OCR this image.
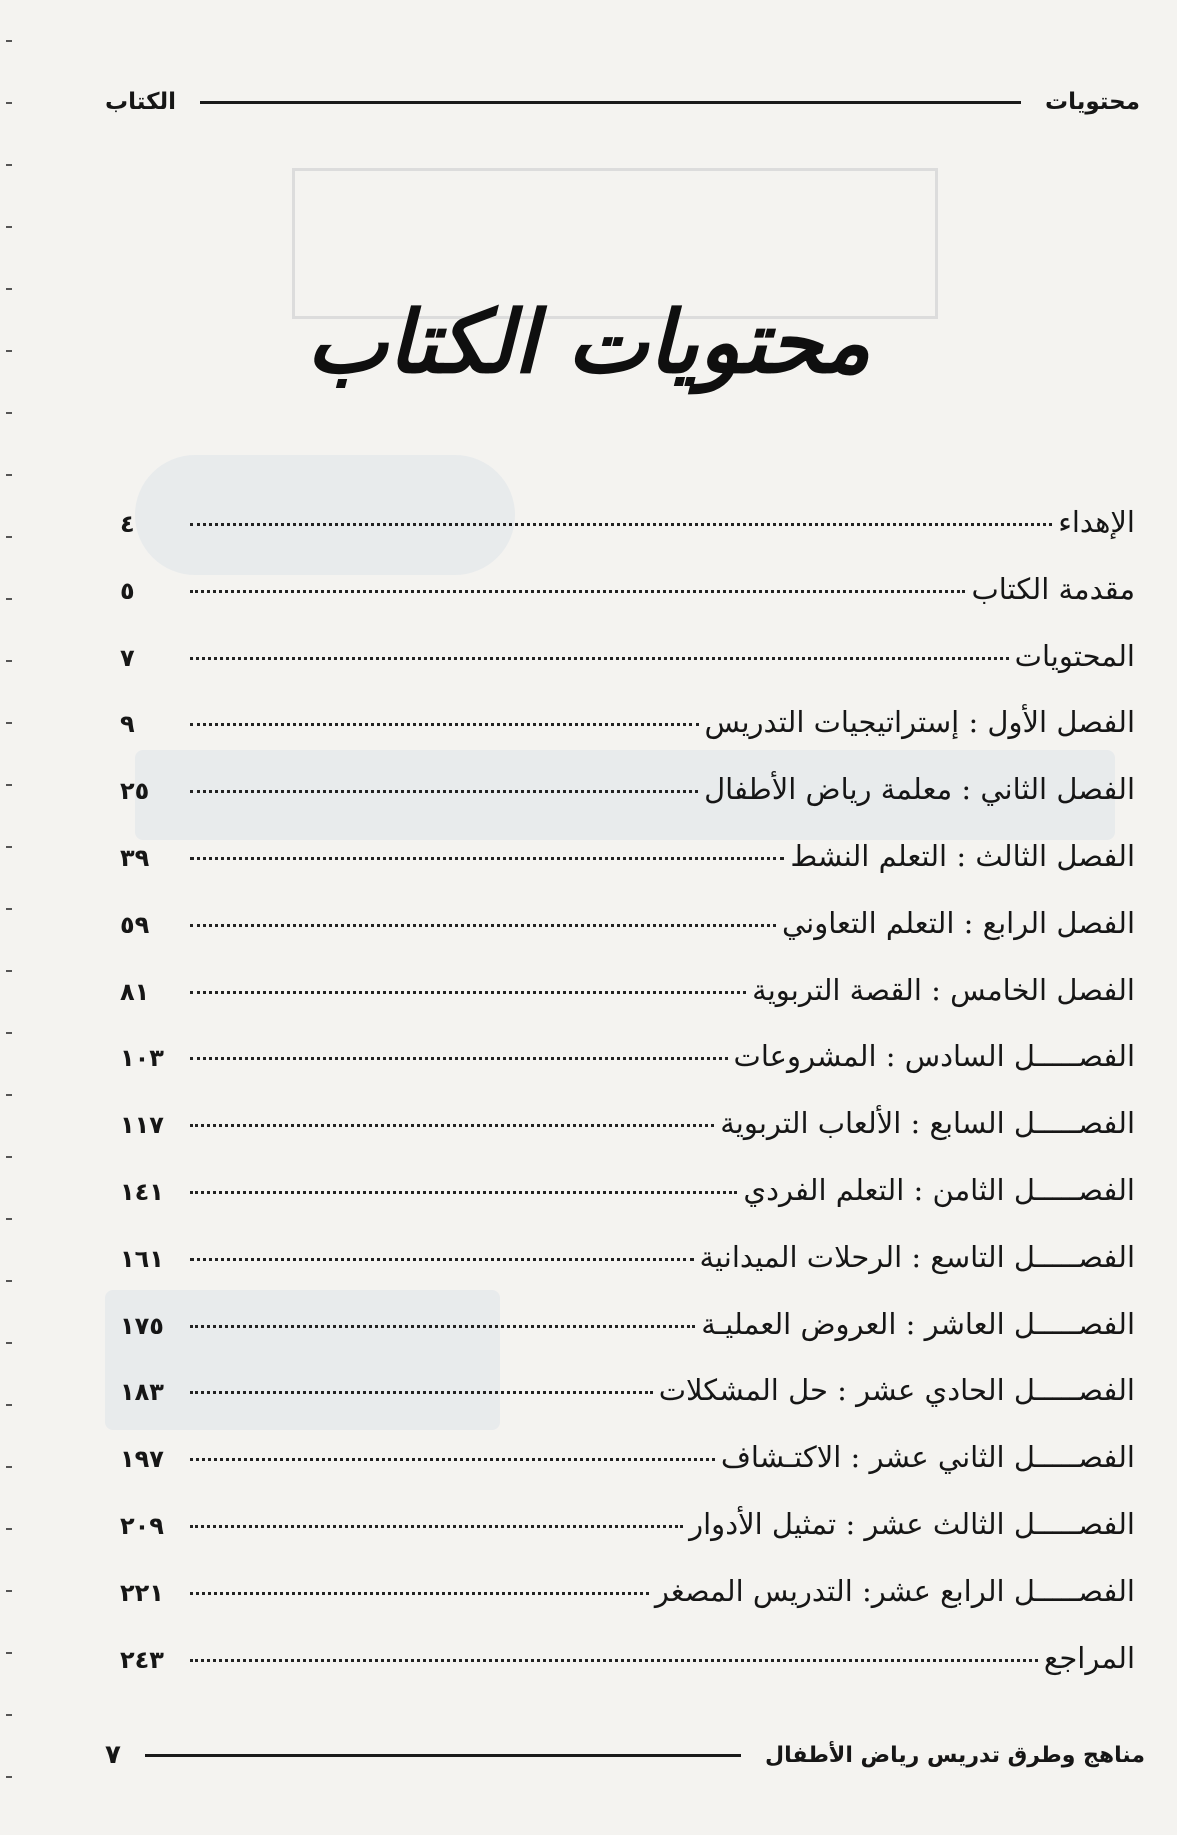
محتويات
الكتاب
محتويات الكتاب
الإهداء
٤
مقدمة الكتاب
٥
المحتويات
٧
الفصل الأول : إستراتيجيات التدريس
٩
الفصل الثاني : معلمة رياض الأطفال
٢٥
الفصل الثالث : التعلم النشط
٣٩
الفصل الرابع : التعلم التعاوني
٥٩
الفصل الخامس : القصة التربوية
٨١
الفصـــــل السادس : المشروعات
١٠٣
الفصـــــل السابع : الألعاب التربوية
١١٧
الفصـــــل الثامن : التعلم الفردي
١٤١
الفصـــــل التاسع : الرحلات الميدانية
١٦١
الفصـــــل العاشر : العروض العمليـة
١٧٥
الفصـــــل الحادي عشر : حل المشكلات
١٨٣
الفصـــــل الثاني عشر : الاكتـشاف
١٩٧
الفصـــــل الثالث عشر : تمثيل الأدوار
٢٠٩
الفصـــــل الرابع عشر: التدريس المصغر
٢٢١
المراجع
٢٤٣
مناهج وطرق تدريس رياض الأطفال
٧
